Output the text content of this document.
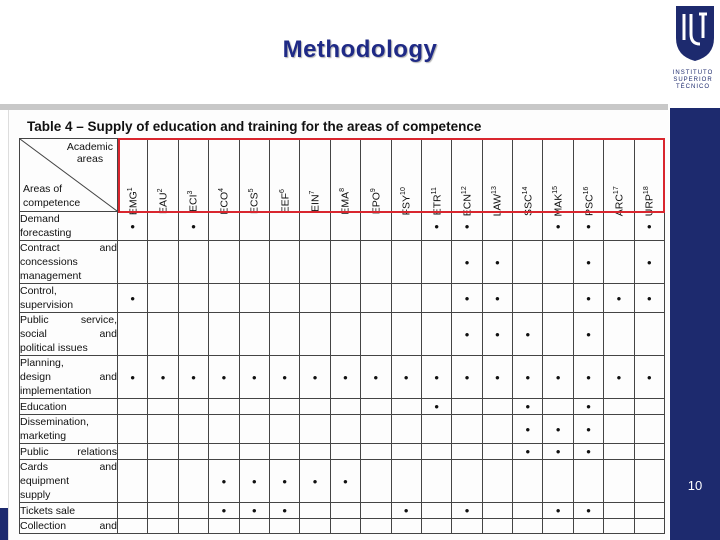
Methodology
INSTITUTO
SUPERIOR
TÉCNICO
10
Table 4 – Supply of education and training for the areas of competence
Academic
areas
Areas of
competence	EMG$^1$	EAU$^2$	ECI$^3$	ECO$^4$	ECS$^5$	EEF$^6$	EIN$^7$	EMA$^8$	EPO$^9$	FSY$^{10}$	ETR$^{11}$	ECN$^{12}$	LAW$^{13}$	SSC$^{14}$	MAK$^{15}$	PSC$^{16}$	ARC$^{17}$	URP$^{18}$

Demand
forecasting	•		•								•	•			•	•		•

Contract and
concessions
management												•	•			•		•

Control,
supervision	•											•	•			•	•	•

Public service,
social and
political issues												•	•	•		•		

Planning,
design and
implementation	•	•	•	•	•	•	•	•	•	•	•	•	•	•	•	•	•	•

Education											•			•		•		

Dissemination,
marketing														•	•	•		

Public relations														•	•	•		

Cards and
equipment
supply				•	•	•	•	•										

Tickets sale				•	•	•				•		•			•	•		

Collection and																		
